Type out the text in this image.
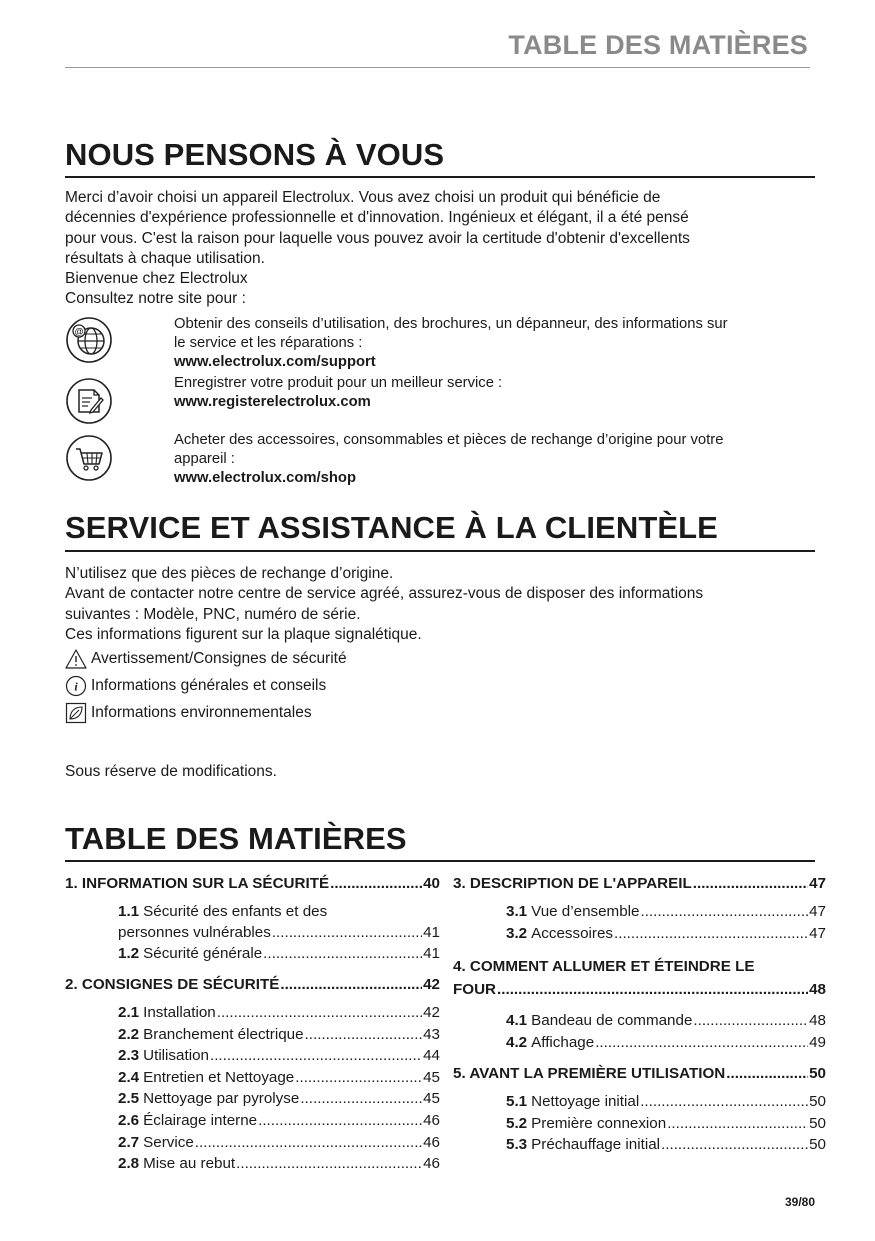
TABLE DES MATIÈRES
NOUS PENSONS À VOUS
Merci d’avoir choisi un appareil Electrolux. Vous avez choisi un produit qui bénéficie de
décennies d'expérience professionnelle et d'innovation. Ingénieux et élégant, il a été pensé
pour vous. C'est la raison pour laquelle vous pouvez avoir la certitude d'obtenir d'excellents
résultats à chaque utilisation.
Bienvenue chez Electrolux
Consultez notre site pour :
@	Obtenir des conseils d’utilisation, des brochures, un dépanneur, des informations sur
le service et les réparations :
www.electrolux.com/support
Enregistrer votre produit pour un meilleur service :
www.registerelectrolux.com
Acheter des accessoires, consommables et pièces de rechange d’origine pour votre
appareil :
www.electrolux.com/shop
SERVICE ET ASSISTANCE À LA CLIENTÈLE
N’utilisez que des pièces de rechange d’origine.
Avant de contacter notre centre de service agréé, assurez-vous de disposer des informations
suivantes : Modèle, PNC, numéro de série.
Ces informations figurent sur la plaque signalétique.
Avertissement/Consignes de sécurité
i Informations générales et conseils
Informations environnementales
Sous réserve de modifications.
TABLE DES MATIÈRES
1. INFORMATION SUR LA SÉCURITÉ .....	40
1.1 Sécurité des enfants et des
personnes vulnérables .....	41
1.2 Sécurité générale .....	41
2. CONSIGNES DE SÉCURITÉ .....	42
2.1 Installation .....	42
2.2 Branchement électrique .....	43
2.3 Utilisation .....	44
2.4 Entretien et Nettoyage .....	45
2.5 Nettoyage par pyrolyse .....	45
2.6 Éclairage interne .....	46
2.7 Service .....	46
2.8 Mise au rebut .....	46
3. DESCRIPTION DE L'APPAREIL .....	47
3.1 Vue d’ensemble .....	47
3.2 Accessoires .....	47
4. COMMENT ALLUMER ET ÉTEINDRE LE
FOUR .....	48
4.1 Bandeau de commande .....	48
4.2 Affichage .....	49
5. AVANT LA PREMIÈRE UTILISATION .....	50
5.1 Nettoyage initial .....	50
5.2 Première connexion .....	50
5.3 Préchauffage initial .....	50
39/80
